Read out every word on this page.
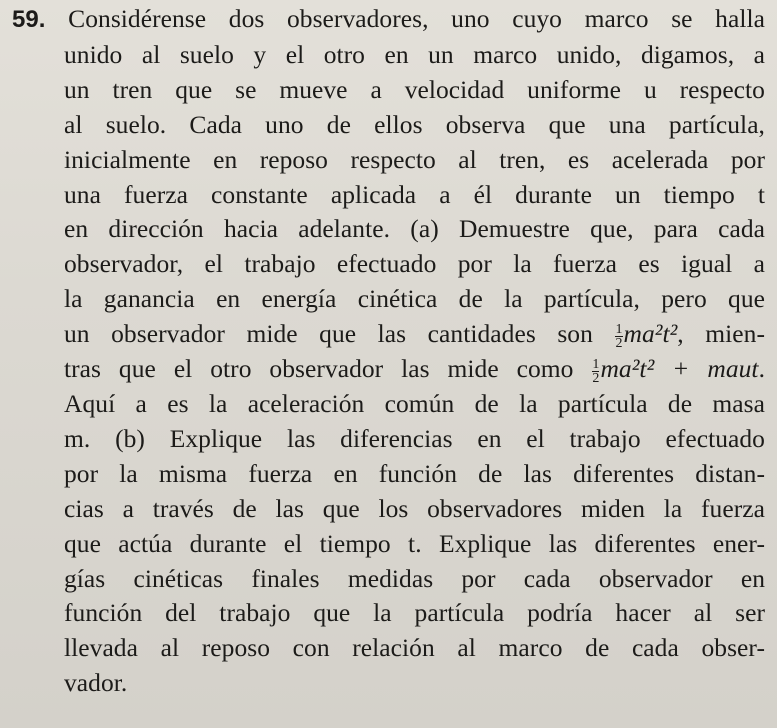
59. Considérense dos observadores, uno cuyo marco se halla
unido al suelo y el otro en un marco unido, digamos, a
un tren que se mueve a velocidad uniforme u respecto
al suelo. Cada uno de ellos observa que una partícula,
inicialmente en reposo respecto al tren, es acelerada por
una fuerza constante aplicada a él durante un tiempo t
en dirección hacia adelante. (a) Demuestre que, para cada
observador, el trabajo efectuado por la fuerza es igual a
la ganancia en energía cinética de la partícula, pero que
un observador mide que las cantidades son $\frac{1}{2} ma^2t^2$, mien-
tras que el otro observador las mide como $\frac{1}{2} ma^2t^2$ + maut.
Aquí a es la aceleración común de la partícula de masa
m. (b) Explique las diferencias en el trabajo efectuado
por la misma fuerza en función de las diferentes distan-
cias a través de las que los observadores miden la fuerza
que actúa durante el tiempo t. Explique las diferentes ener-
gías cinéticas finales medidas por cada observador en
función del trabajo que la partícula podría hacer al ser
llevada al reposo con relación al marco de cada obser-
vador.
